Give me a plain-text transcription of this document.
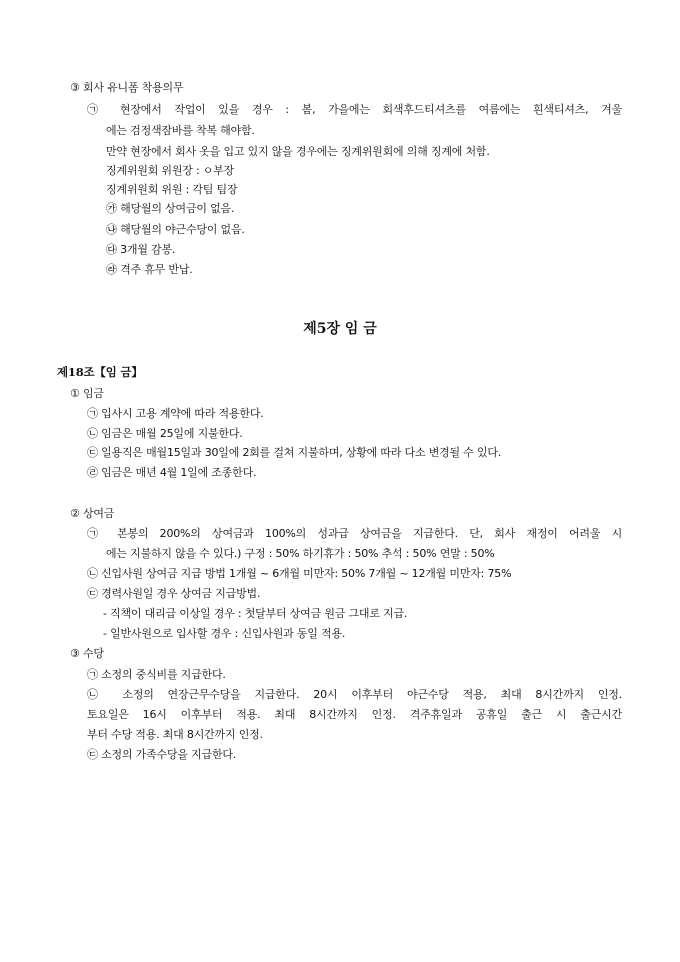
③ 회사 유니폼 착용의무
㉠ 현장에서 작업이 있을 경우 : 봄, 가을에는 회색후드티셔츠를 여름에는 흰색티셔츠, 겨울
에는 검정색잠바를 착복 해야함.
만약 현장에서 회사 옷을 입고 있지 않을 경우에는 징계위원회에 의해 징계에 처함.
징계위원회 위원장 : ㅇ부장
징계위원회 위원 : 각팀 팀장
㉮ 해당월의 상여금이 없음.
㉯ 해당월의 야근수당이 없음.
㉰ 3개월 감봉.
㉱ 격주 휴무 반납.
제5장 임 금
제18조【임 금】
① 임금
㉠ 입사시 고용 계약에 따라 적용한다.
㉡ 임금은 매월 25일에 지불한다.
㉢ 일용직은 매월15일과 30일에 2회를 걸쳐 지불하며, 상황에 따라 다소 변경될 수 있다.
㉣ 임금은 매년 4월 1일에 조종한다.
② 상여금
㉠ 본봉의 200%의 상여금과 100%의 성과급 상여금을 지급한다. 단, 회사 재정이 어려울 시
에는 지불하지 않을 수 있다.) 구정 : 50% 하기휴가 : 50% 추석 : 50% 연말 : 50%
㉡ 신입사원 상여금 지급 방법 1개월 ~ 6개월 미만자: 50% 7개월 ~ 12개월 미만자: 75%
㉢ 경력사원일 경우 상여금 지급방법.
- 직책이 대리급 이상일 경우 : 첫달부터 상여금 원금 그대로 지급.
- 일반사원으로 입사할 경우 : 신입사원과 동일 적용.
③ 수당
㉠ 소정의 중식비를 지급한다.
㉡ 소정의 연장근무수당을 지급한다. 20시 이후부터 야근수당 적용, 최대 8시간까지 인정.
토요일은 16시 이후부터 적용. 최대 8시간까지 인정. 격주휴일과 공휴일 출근 시 출근시간
부터 수당 적용. 최대 8시간까지 인정.
㉢ 소정의 가족수당을 지급한다.
